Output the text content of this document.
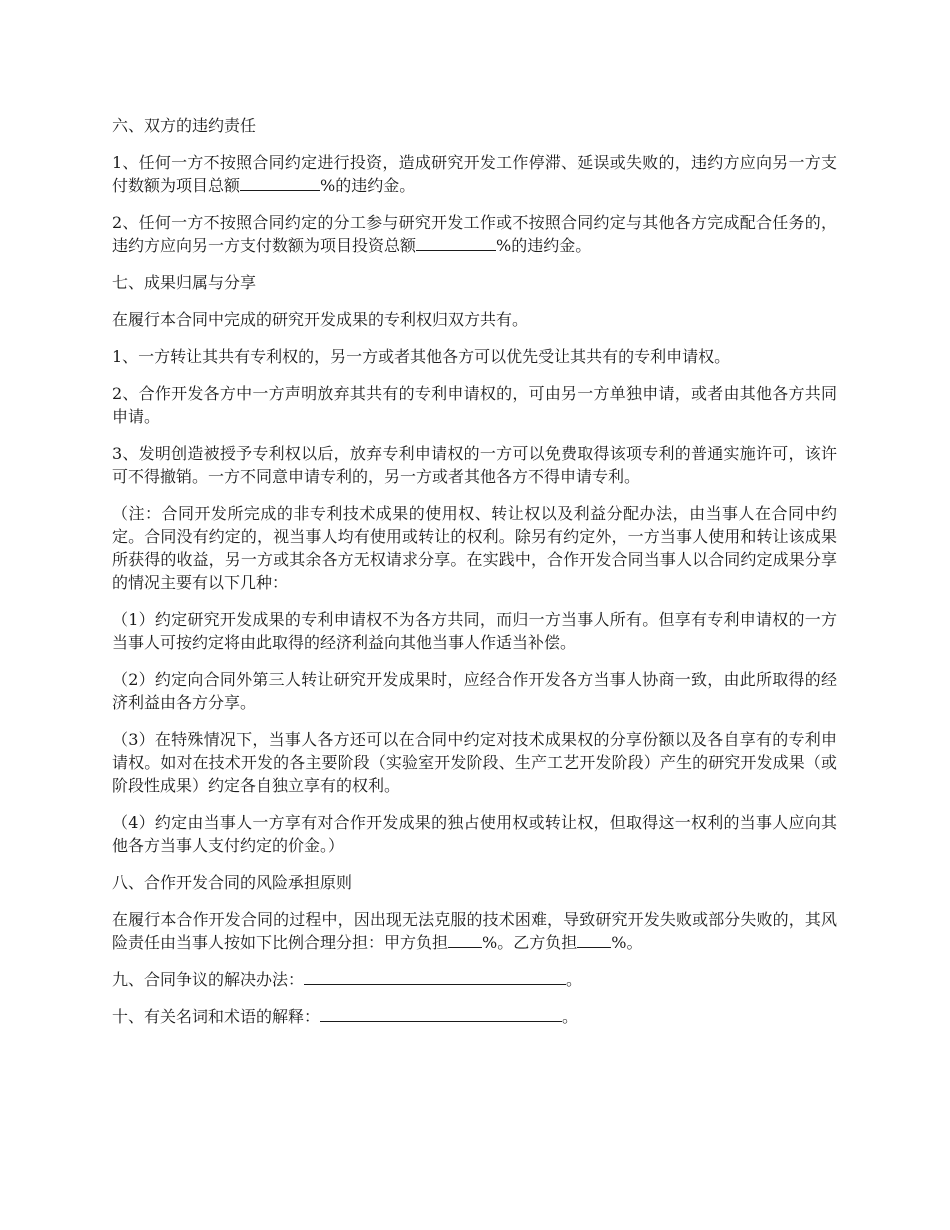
六、双方的违约责任

1、任何一方不按照合同约定进行投资，造成研究开发工作停滞、延误或失败的，违约方应向另一方支付数额为项目总额	%的违约金。

2、任何一方不按照合同约定的分工参与研究开发工作或不按照合同约定与其他各方完成配合任务的，违约方应向另一方支付数额为项目投资总额	%的违约金。

七、成果归属与分享

在履行本合同中完成的研究开发成果的专利权归双方共有。

1、一方转让其共有专利权的，另一方或者其他各方可以优先受让其共有的专利申请权。

2、合作开发各方中一方声明放弃其共有的专利申请权的，可由另一方单独申请，或者由其他各方共同申请。

3、发明创造被授予专利权以后，放弃专利申请权的一方可以免费取得该项专利的普通实施许可，该许可不得撤销。一方不同意申请专利的，另一方或者其他各方不得申请专利。

（注：合同开发所完成的非专利技术成果的使用权、转让权以及利益分配办法，由当事人在合同中约定。合同没有约定的，视当事人均有使用或转让的权利。除另有约定外，一方当事人使用和转让该成果所获得的收益，另一方或其余各方无权请求分享。在实践中，合作开发合同当事人以合同约定成果分享的情况主要有以下几种：

（1）约定研究开发成果的专利申请权不为各方共同，而归一方当事人所有。但享有专利申请权的一方当事人可按约定将由此取得的经济利益向其他当事人作适当补偿。

（2）约定向合同外第三人转让研究开发成果时，应经合作开发各方当事人协商一致，由此所取得的经济利益由各方分享。

（3）在特殊情况下，当事人各方还可以在合同中约定对技术成果权的分享份额以及各自享有的专利申请权。如对在技术开发的各主要阶段（实验室开发阶段、生产工艺开发阶段）产生的研究开发成果（或阶段性成果）约定各自独立享有的权利。

（4）约定由当事人一方享有对合作开发成果的独占使用权或转让权，但取得这一权利的当事人应向其他各方当事人支付约定的价金。）

八、合作开发合同的风险承担原则

在履行本合作开发合同的过程中，因出现无法克服的技术困难，导致研究开发失败或部分失败的，其风险责任由当事人按如下比例合理分担：甲方负担 %。乙方负担 %。

九、合同争议的解决办法：	。

十、有关名词和术语的解释：	。
